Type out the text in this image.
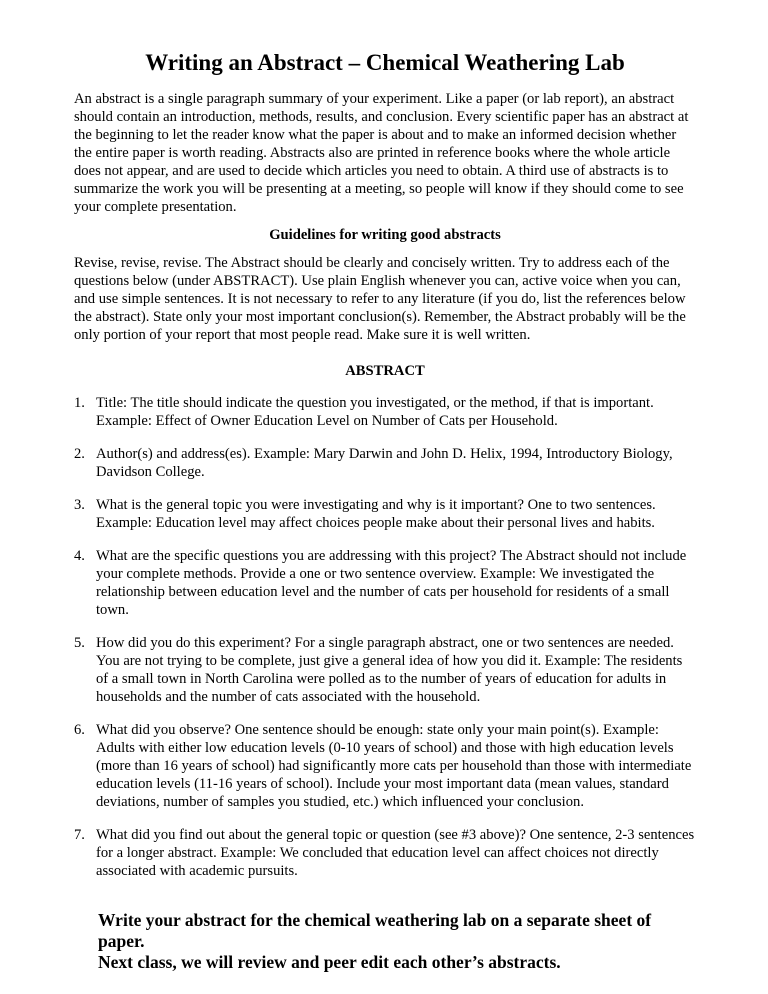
Writing an Abstract – Chemical Weathering Lab

An abstract is a single paragraph summary of your experiment. Like a paper (or lab report), an abstract should contain an introduction, methods, results, and conclusion. Every scientific paper has an abstract at the beginning to let the reader know what the paper is about and to make an informed decision whether the entire paper is worth reading. Abstracts also are printed in reference books where the whole article does not appear, and are used to decide which articles you need to obtain. A third use of abstracts is to summarize the work you will be presenting at a meeting, so people will know if they should come to see your complete presentation.

Guidelines for writing good abstracts

Revise, revise, revise. The Abstract should be clearly and concisely written. Try to address each of the questions below (under ABSTRACT). Use plain English whenever you can, active voice when you can, and use simple sentences. It is not necessary to refer to any literature (if you do, list the references below the abstract). State only your most important conclusion(s). Remember, the Abstract probably will be the only portion of your report that most people read. Make sure it is well written.

ABSTRACT
1. Title: The title should indicate the question you investigated, or the method, if that is important. Example: Effect of Owner Education Level on Number of Cats per Household.
2. Author(s) and address(es). Example: Mary Darwin and John D. Helix, 1994, Introductory Biology, Davidson College.
3. What is the general topic you were investigating and why is it important? One to two sentences. Example: Education level may affect choices people make about their personal lives and habits.
4. What are the specific questions you are addressing with this project? The Abstract should not include your complete methods. Provide a one or two sentence overview. Example: We investigated the relationship between education level and the number of cats per household for residents of a small town.
5. How did you do this experiment? For a single paragraph abstract, one or two sentences are needed. You are not trying to be complete, just give a general idea of how you did it. Example: The residents of a small town in North Carolina were polled as to the number of years of education for adults in households and the number of cats associated with the household.
6. What did you observe? One sentence should be enough: state only your main point(s). Example: Adults with either low education levels (0-10 years of school) and those with high education levels (more than 16 years of school) had significantly more cats per household than those with intermediate education levels (11-16 years of school). Include your most important data (mean values, standard deviations, number of samples you studied, etc.) which influenced your conclusion.
7. What did you find out about the general topic or question (see #3 above)? One sentence, 2-3 sentences for a longer abstract. Example: We concluded that education level can affect choices not directly associated with academic pursuits.
Write your abstract for the chemical weathering lab on a separate sheet of paper.
Next class, we will review and peer edit each other’s abstracts.
